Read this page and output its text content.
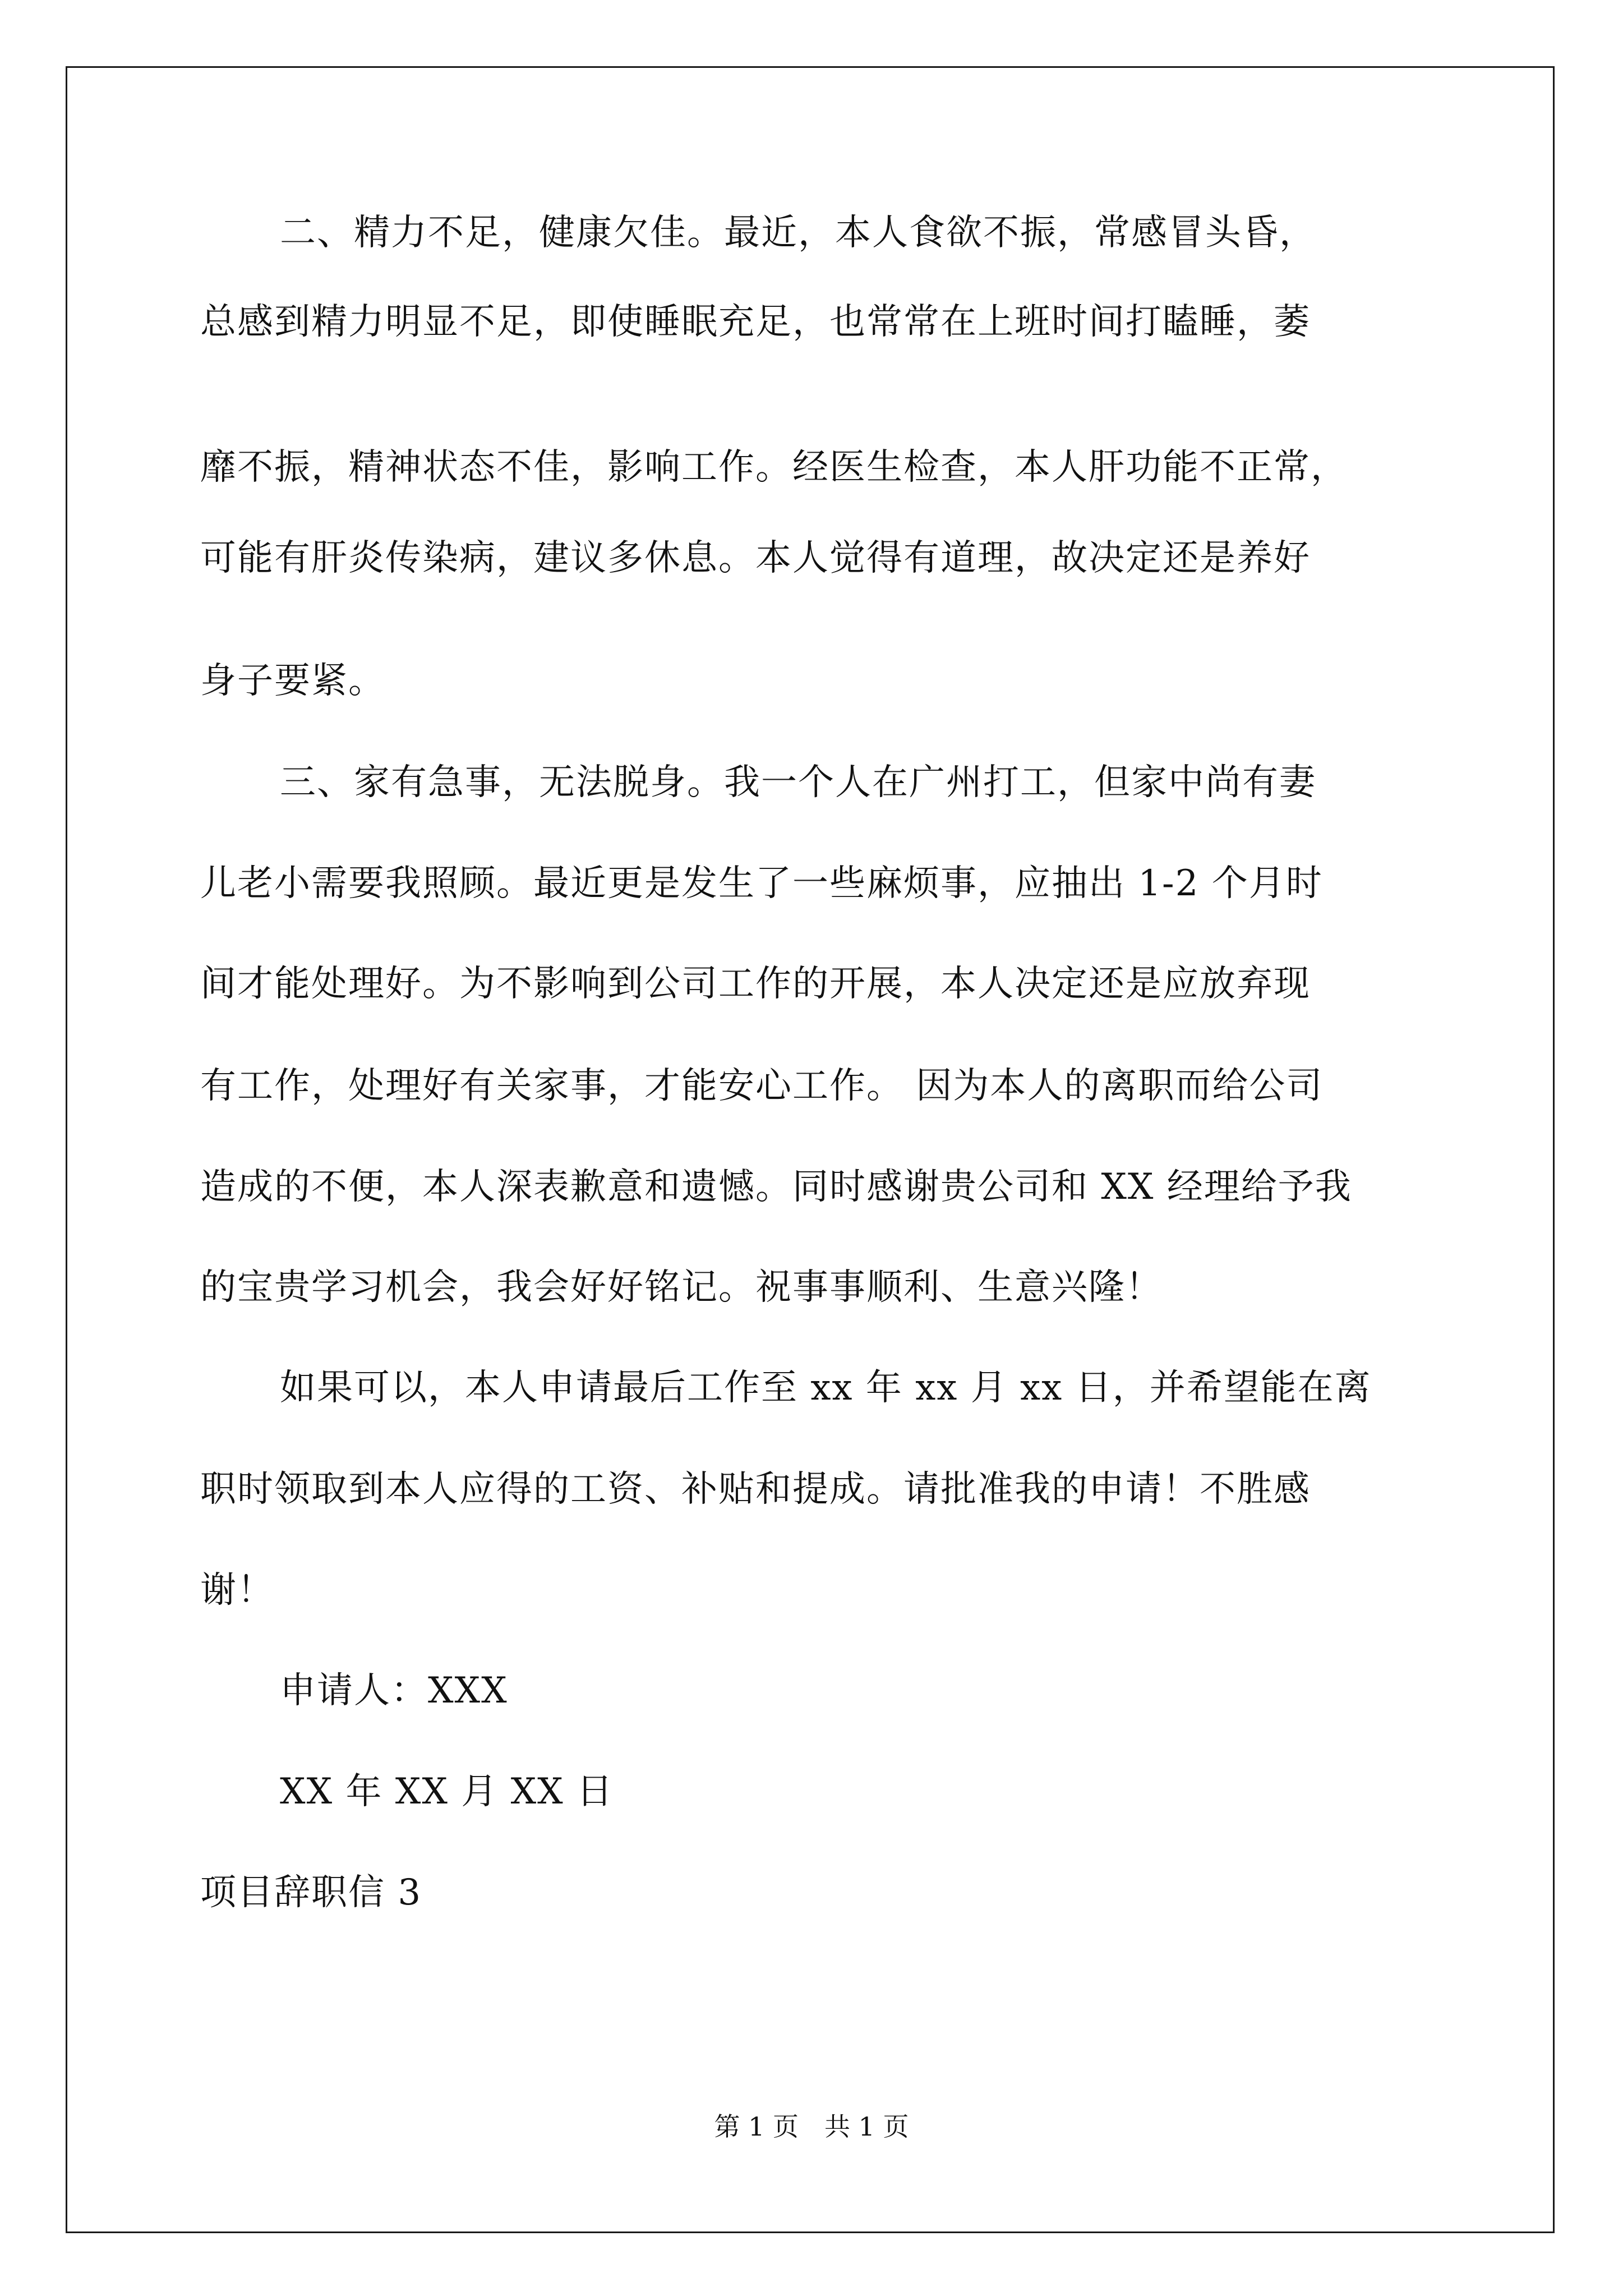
二、精力不足，健康欠佳。最近，本人食欲不振，常感冒头昏，
总感到精力明显不足，即使睡眠充足，也常常在上班时间打瞌睡，萎
靡不振，精神状态不佳，影响工作。经医生检查，本人肝功能不正常，
可能有肝炎传染病，建议多休息。本人觉得有道理，故决定还是养好
身子要紧。
三、家有急事，无法脱身。我一个人在广州打工，但家中尚有妻
儿老小需要我照顾。最近更是发生了一些麻烦事，应抽出 1-2 个月时
间才能处理好。为不影响到公司工作的开展，本人决定还是应放弃现
有工作，处理好有关家事，才能安心工作。 因为本人的离职而给公司
造成的不便，本人深表歉意和遗憾。同时感谢贵公司和 XX 经理给予我
的宝贵学习机会，我会好好铭记。祝事事顺利、生意兴隆！
如果可以，本人申请最后工作至 xx 年 xx 月 xx 日，并希望能在离
职时领取到本人应得的工资、补贴和提成。请批准我的申请！不胜感
谢！
申请人：XXX
XX 年 XX 月 XX 日
项目辞职信 3
第 1 页　共 1 页
